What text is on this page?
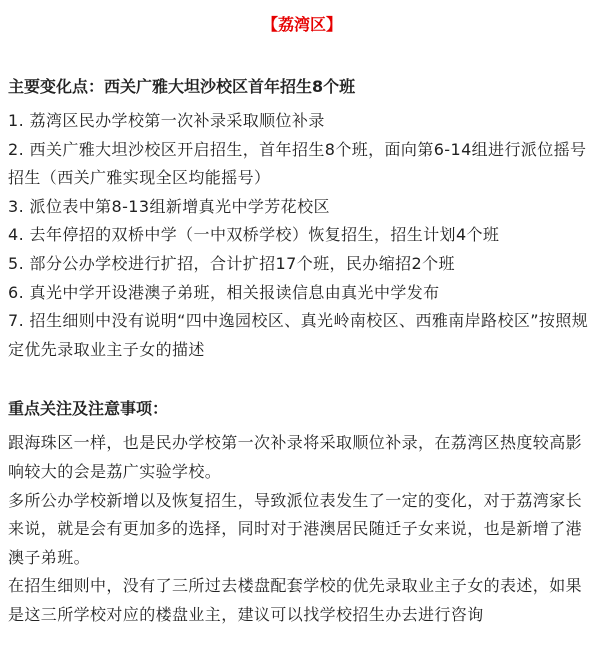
【荔湾区】
主要变化点：西关广雅大坦沙校区首年招生8个班
1. 荔湾区民办学校第一次补录采取顺位补录
2. 西关广雅大坦沙校区开启招生，首年招生8个班，面向第6-14组进行派位摇号招生（西关广雅实现全区均能摇号）
3. 派位表中第8-13组新增真光中学芳花校区
4. 去年停招的双桥中学（一中双桥学校）恢复招生，招生计划4个班
5. 部分公办学校进行扩招，合计扩招17个班，民办缩招2个班
6. 真光中学开设港澳子弟班，相关报读信息由真光中学发布
7. 招生细则中没有说明“四中逸园校区、真光岭南校区、西雅南岸路校区”按照规定优先录取业主子女的描述
重点关注及注意事项：
跟海珠区一样，也是民办学校第一次补录将采取顺位补录，在荔湾区热度较高影响较大的会是荔广实验学校。
多所公办学校新增以及恢复招生，导致派位表发生了一定的变化，对于荔湾家长来说，就是会有更加多的选择，同时对于港澳居民随迁子女来说，也是新增了港澳子弟班。
在招生细则中，没有了三所过去楼盘配套学校的优先录取业主子女的表述，如果是这三所学校对应的楼盘业主，建议可以找学校招生办去进行咨询
